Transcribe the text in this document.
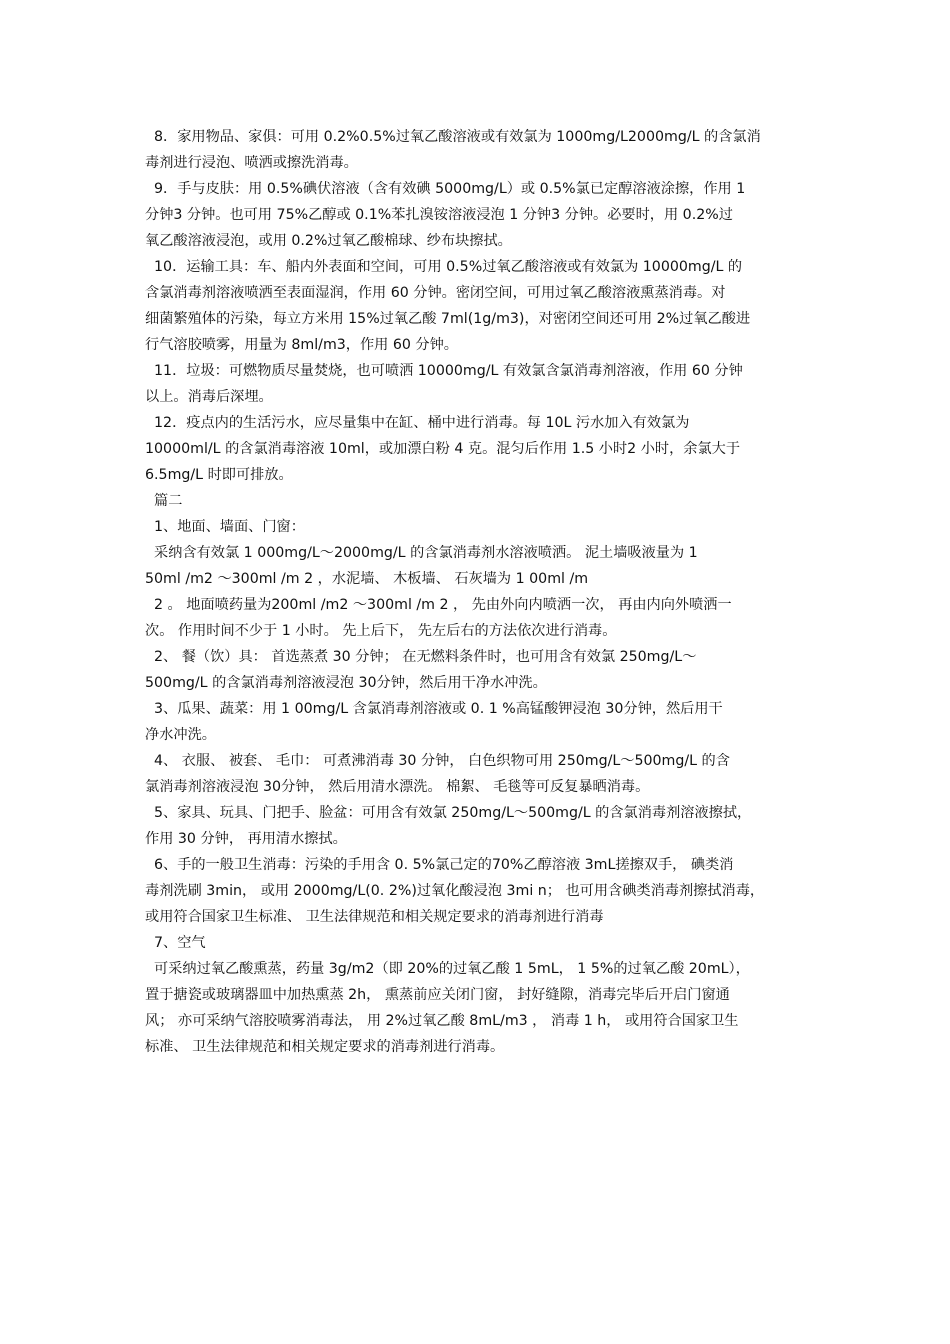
8．家用物品、家俱：可用 0.2%0.5%过氧乙酸溶液或有效氯为 1000mg/L2000mg/L 的含氯消
毒剂进行浸泡、喷洒或擦洗消毒。
9．手与皮肤：用 0.5%碘伏溶液（含有效碘 5000mg/L）或 0.5%氯已定醇溶液涂擦，作用 1
分钟3 分钟。也可用 75%乙醇或 0.1%苯扎溴铵溶液浸泡 1 分钟3 分钟。必要时，用 0.2%过
氧乙酸溶液浸泡，或用 0.2%过氧乙酸棉球、纱布块擦拭。
10．运输工具：车、船内外表面和空间，可用 0.5%过氧乙酸溶液或有效氯为 10000mg/L 的
含氯消毒剂溶液喷洒至表面湿润，作用 60 分钟。密闭空间，可用过氧乙酸溶液熏蒸消毒。对
细菌繁殖体的污染，每立方米用 15%过氧乙酸 7ml(1g/m3)，对密闭空间还可用 2%过氧乙酸进
行气溶胶喷雾，用量为 8ml/m3，作用 60 分钟。
11．垃圾：可燃物质尽量焚烧，也可喷洒 10000mg/L 有效氯含氯消毒剂溶液，作用 60 分钟
以上。消毒后深埋。
12．疫点内的生活污水，应尽量集中在缸、桶中进行消毒。每 10L 污水加入有效氯为
10000ml/L 的含氯消毒溶液 10ml，或加漂白粉 4 克。混匀后作用 1.5 小时2 小时，余氯大于
6.5mg/L 时即可排放。
篇二
1、地面、墙面、门窗：
采纳含有效氯 1 000mg/L～2000mg/L 的含氯消毒剂水溶液喷洒。 泥土墙吸液量为 1
50ml /m2 ～300ml /m 2 ，水泥墙、 木板墙、 石灰墙为 1 00ml /m
2 。 地面喷药量为200ml /m2 ～300ml /m 2 ， 先由外向内喷洒一次， 再由内向外喷洒一
次。 作用时间不少于 1 小时。 先上后下， 先左后右的方法依次进行消毒。
2、 餐（饮）具： 首选蒸煮 30 分钟； 在无燃料条件时，也可用含有效氯 250mg/L～
500mg/L 的含氯消毒剂溶液浸泡 30分钟，然后用干净水冲洗。
3、瓜果、蔬菜：用 1 00mg/L 含氯消毒剂溶液或 0. 1 %高锰酸钾浸泡 30分钟，然后用干
净水冲洗。
4、 衣服、 被套、 毛巾： 可煮沸消毒 30 分钟， 白色织物可用 250mg/L～500mg/L 的含
氯消毒剂溶液浸泡 30分钟， 然后用清水漂洗。 棉絮、 毛毯等可反复暴晒消毒。
5、家具、玩具、门把手、脸盆：可用含有效氯 250mg/L～500mg/L 的含氯消毒剂溶液擦拭，
作用 30 分钟， 再用清水擦拭。
6、手的一般卫生消毒：污染的手用含 0. 5%氯己定的70%乙醇溶液 3mL搓擦双手， 碘类消
毒剂洗刷 3min， 或用 2000mg/L(0. 2%)过氧化酸浸泡 3mi n； 也可用含碘类消毒剂擦拭消毒，
或用符合国家卫生标准、 卫生法律规范和相关规定要求的消毒剂进行消毒
7、空气
可采纳过氧乙酸熏蒸，药量 3g/m2（即 20%的过氧乙酸 1 5mL， 1 5%的过氧乙酸 20mL），
置于搪瓷或玻璃器皿中加热熏蒸 2h， 熏蒸前应关闭门窗， 封好缝隙，消毒完毕后开启门窗通
风； 亦可采纳气溶胶喷雾消毒法， 用 2%过氧乙酸 8mL/m3 ， 消毒 1 h， 或用符合国家卫生
标准、 卫生法律规范和相关规定要求的消毒剂进行消毒。
